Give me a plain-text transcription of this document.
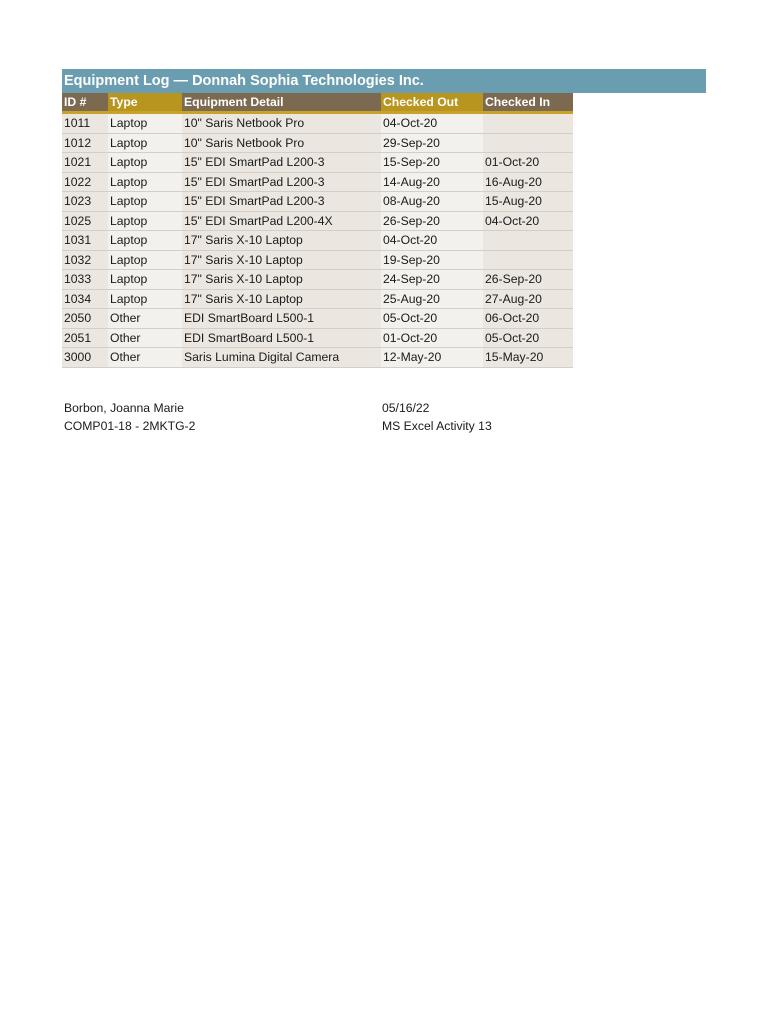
Equipment Log — Donnah Sophia Technologies Inc.
ID #	Type	Equipment Detail	Checked Out	Checked In
1011	Laptop	10" Saris Netbook Pro	04-Oct-20	
1012	Laptop	10" Saris Netbook Pro	29-Sep-20	
1021	Laptop	15" EDI SmartPad L200-3	15-Sep-20	01-Oct-20
1022	Laptop	15" EDI SmartPad L200-3	14-Aug-20	16-Aug-20
1023	Laptop	15" EDI SmartPad L200-3	08-Aug-20	15-Aug-20
1025	Laptop	15" EDI SmartPad L200-4X	26-Sep-20	04-Oct-20
1031	Laptop	17" Saris X-10 Laptop	04-Oct-20	
1032	Laptop	17" Saris X-10 Laptop	19-Sep-20	
1033	Laptop	17" Saris X-10 Laptop	24-Sep-20	26-Sep-20
1034	Laptop	17" Saris X-10 Laptop	25-Aug-20	27-Aug-20
2050	Other	EDI SmartBoard L500-1	05-Oct-20	06-Oct-20
2051	Other	EDI SmartBoard L500-1	01-Oct-20	05-Oct-20
3000	Other	Saris Lumina Digital Camera	12-May-20	15-May-20
Borbon, Joanna Marie
COMP01-18 - 2MKTG-2
05/16/22
MS Excel Activity 13
